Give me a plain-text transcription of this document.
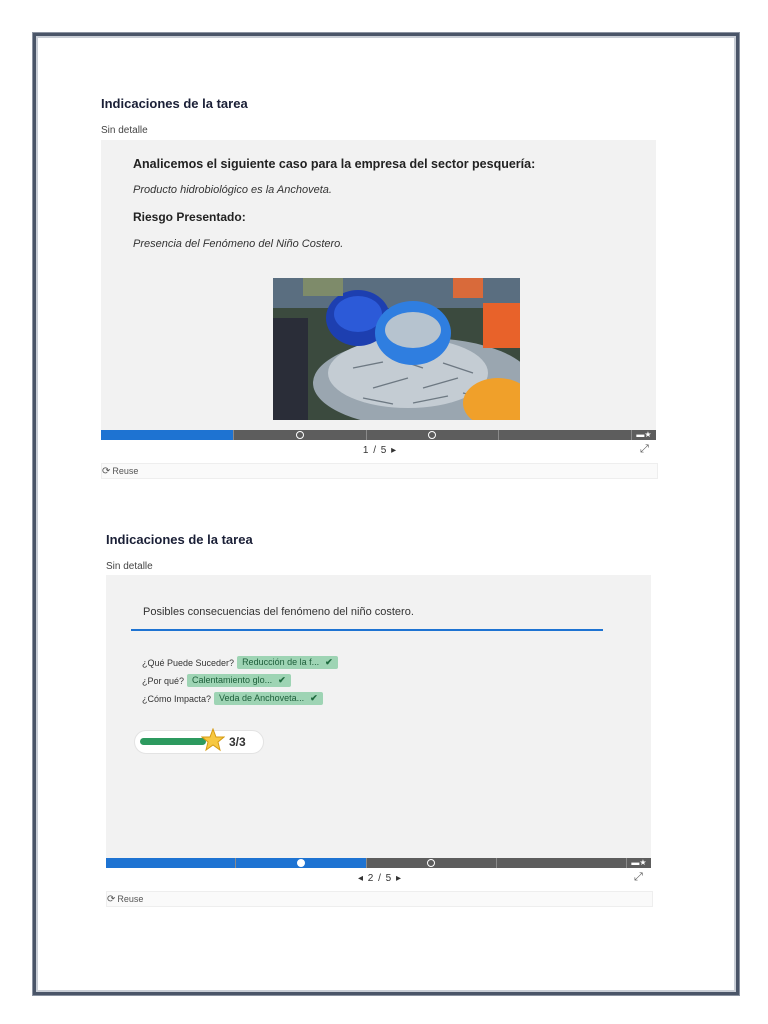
Indicaciones de la tarea
Sin detalle
Analicemos el siguiente caso para la empresa del sector pesquería:
Producto hidrobiológico es la Anchoveta.
Riesgo Presentado:
Presencia del Fenómeno del Niño Costero.
▬★
1 / 5 ▸	⤢
⟳ Reuse
Indicaciones de la tarea
Sin detalle
Posibles consecuencias del fenómeno del niño costero.
¿Qué Puede Suceder? Reducción de la f... ✔
¿Por qué? Calentamiento glo... ✔
¿Cómo Impacta? Veda de Anchoveta... ✔
3/3
▬★
◂ 2 / 5 ▸	⤢
⟳ Reuse
